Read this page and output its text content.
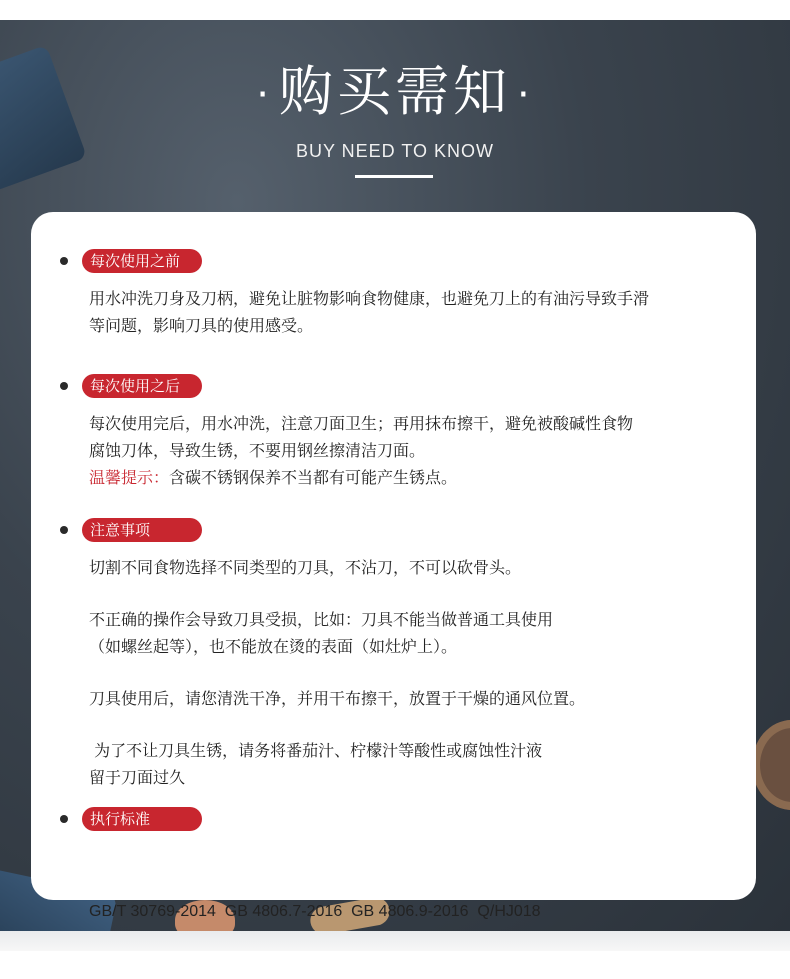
· 购买需知 ·
BUY NEED TO KNOW
每次使用之前
用水冲洗刀身及刀柄，避免让脏物影响食物健康，也避免刀上的有油污导致手滑
等问题，影响刀具的使用感受。
每次使用之后
每次使用完后，用水冲洗，注意刀面卫生；再用抹布擦干，避免被酸碱性食物
腐蚀刀体，导致生锈，不要用钢丝擦清洁刀面。
温馨提示：含碳不锈钢保养不当都有可能产生锈点。
注意事项
切割不同食物选择不同类型的刀具，不沾刀，不可以砍骨头。
不正确的操作会导致刀具受损，比如：刀具不能当做普通工具使用
（如螺丝起等），也不能放在烫的表面（如灶炉上）。
刀具使用后，请您清洗干净，并用干布擦干，放置于干燥的通风位置。
为了不让刀具生锈，请务将番茄汁、柠檬汁等酸性或腐蚀性汁液
留于刀面过久
执行标准

GB/T 30769-2014  GB 4806.7-2016  GB 4806.9-2016  Q/HJ018
